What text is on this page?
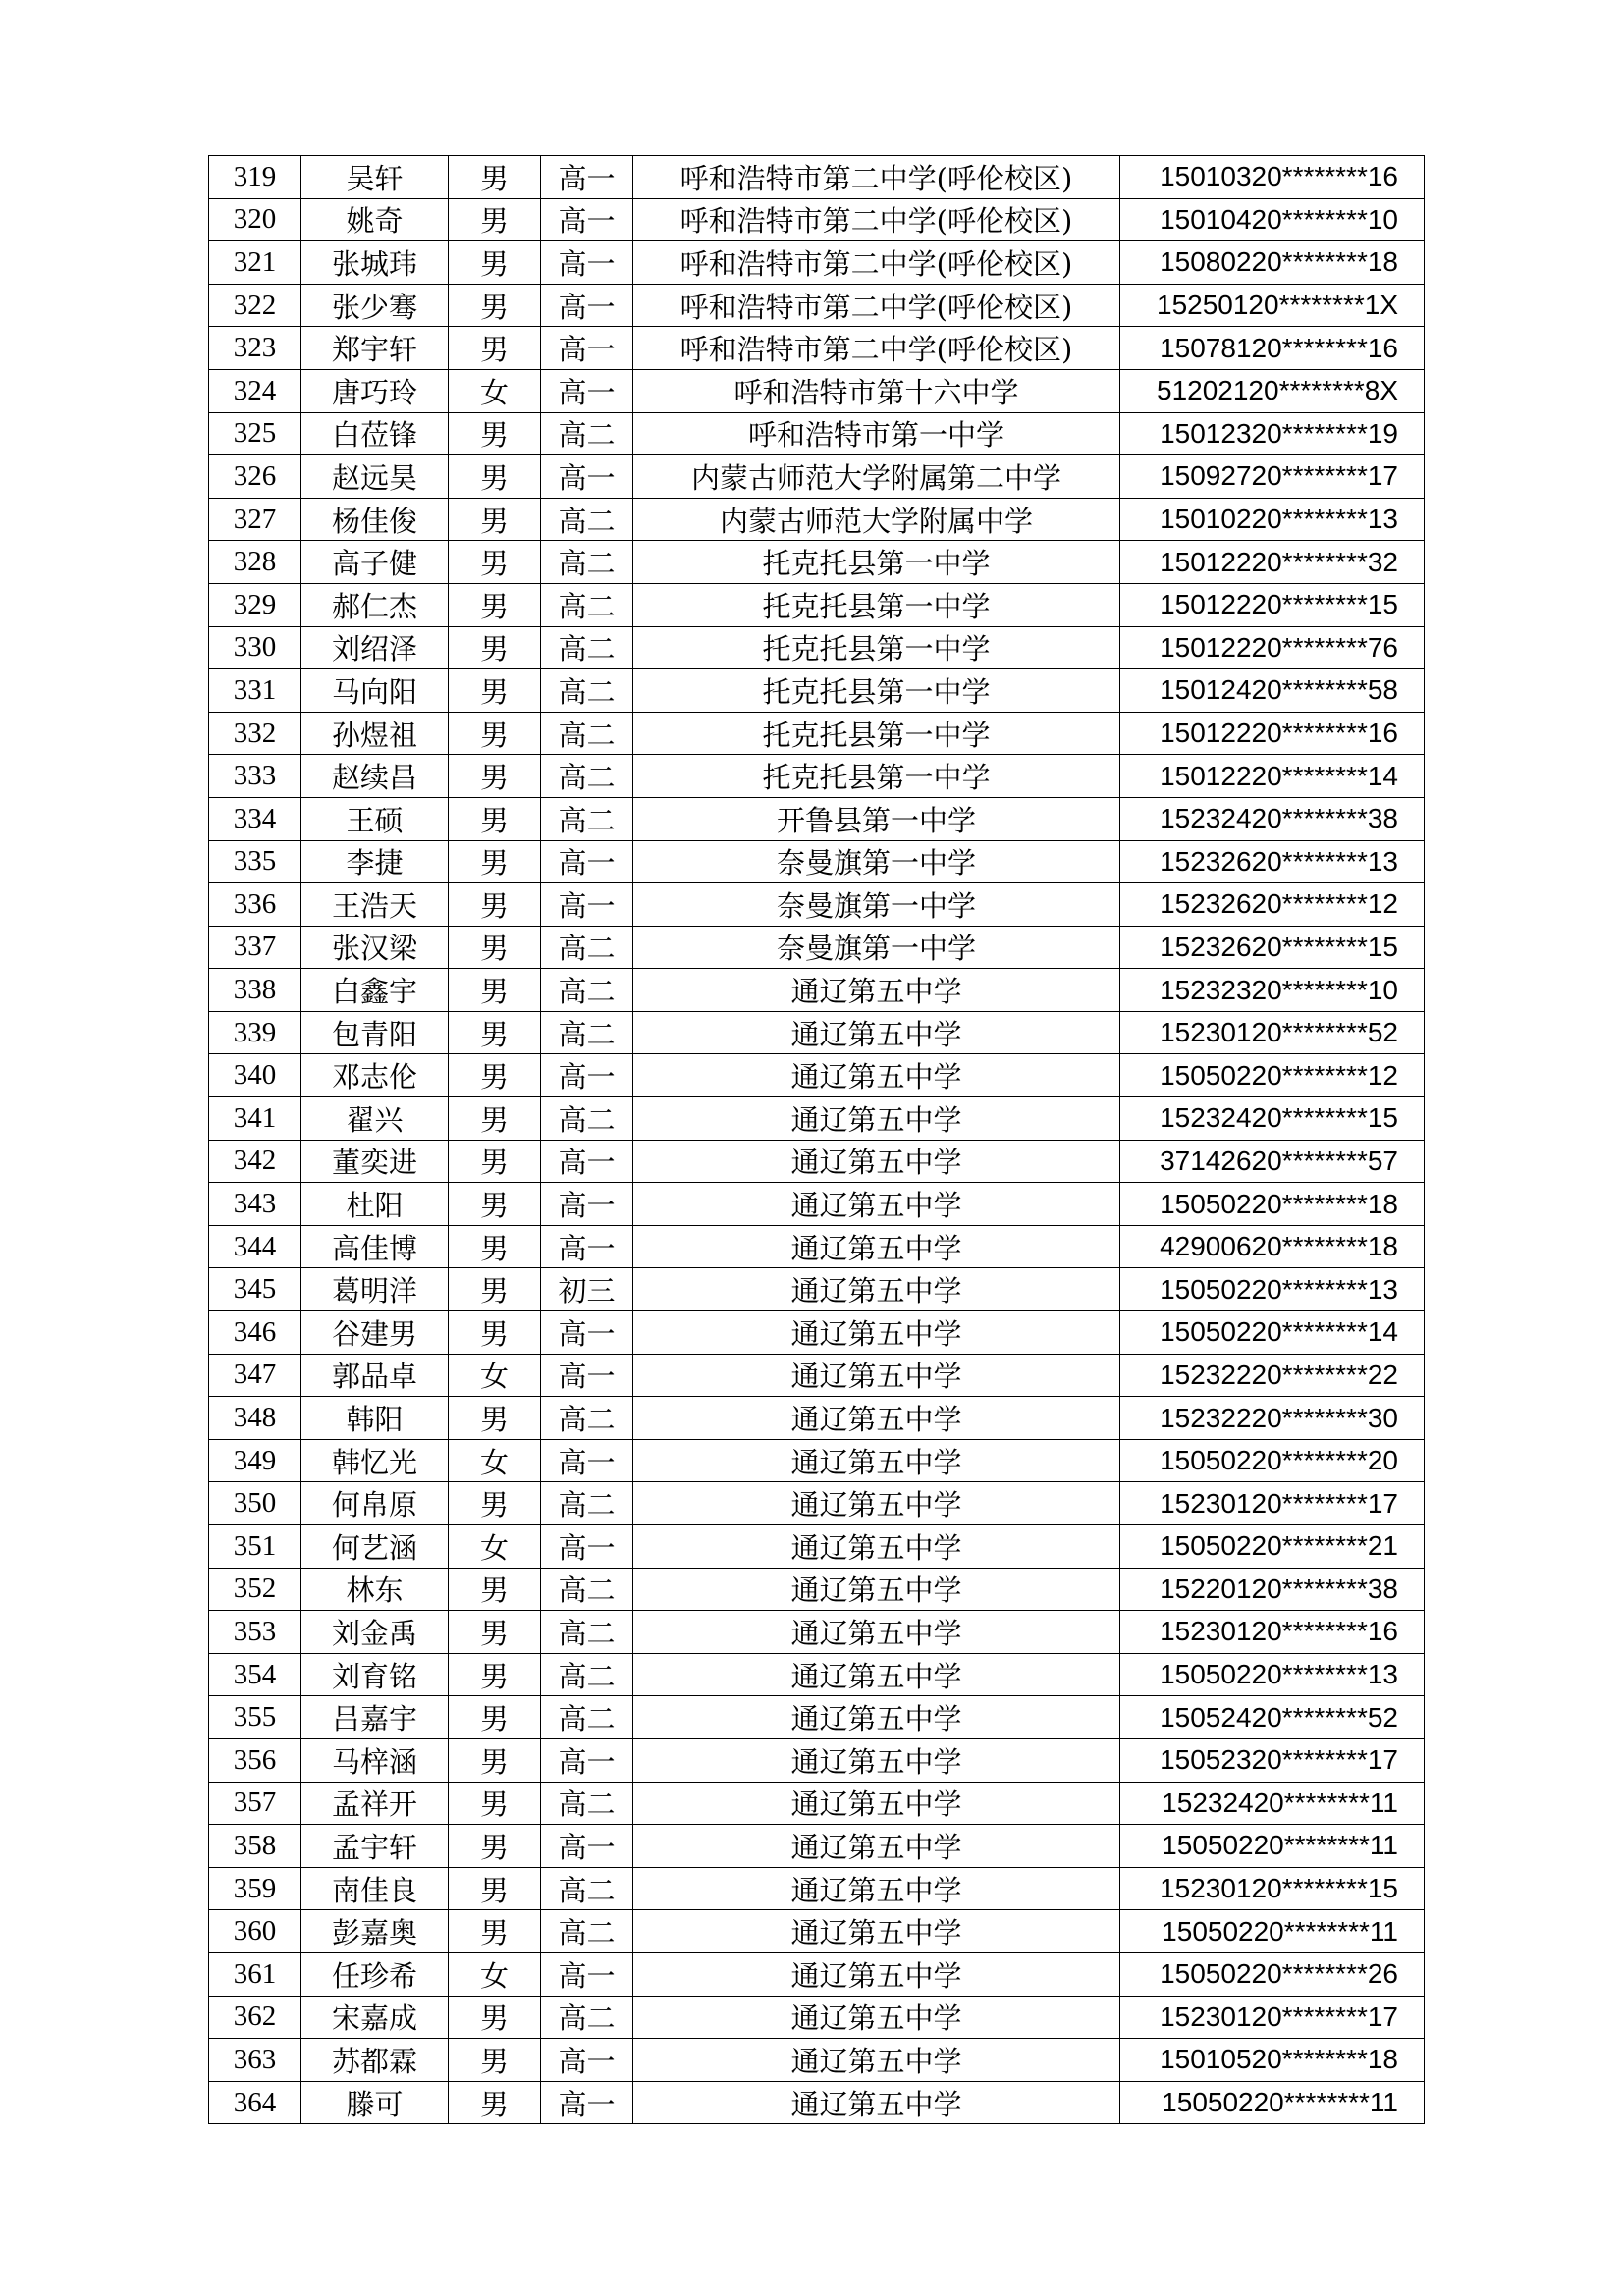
319	吴轩	男	高一	呼和浩特市第二中学(呼伦校区)	15010320********16
320	姚奇	男	高一	呼和浩特市第二中学(呼伦校区)	15010420********10
321	张城玮	男	高一	呼和浩特市第二中学(呼伦校区)	15080220********18
322	张少骞	男	高一	呼和浩特市第二中学(呼伦校区)	15250120********1X
323	郑宇轩	男	高一	呼和浩特市第二中学(呼伦校区)	15078120********16
324	唐巧玲	女	高一	呼和浩特市第十六中学	51202120********8X
325	白莅锋	男	高二	呼和浩特市第一中学	15012320********19
326	赵远昊	男	高一	内蒙古师范大学附属第二中学	15092720********17
327	杨佳俊	男	高二	内蒙古师范大学附属中学	15010220********13
328	高子健	男	高二	托克托县第一中学	15012220********32
329	郝仁杰	男	高二	托克托县第一中学	15012220********15
330	刘绍泽	男	高二	托克托县第一中学	15012220********76
331	马向阳	男	高二	托克托县第一中学	15012420********58
332	孙煜祖	男	高二	托克托县第一中学	15012220********16
333	赵续昌	男	高二	托克托县第一中学	15012220********14
334	王硕	男	高二	开鲁县第一中学	15232420********38
335	李捷	男	高一	奈曼旗第一中学	15232620********13
336	王浩天	男	高一	奈曼旗第一中学	15232620********12
337	张汉梁	男	高二	奈曼旗第一中学	15232620********15
338	白鑫宇	男	高二	通辽第五中学	15232320********10
339	包青阳	男	高二	通辽第五中学	15230120********52
340	邓志伦	男	高一	通辽第五中学	15050220********12
341	翟兴	男	高二	通辽第五中学	15232420********15
342	董奕进	男	高一	通辽第五中学	37142620********57
343	杜阳	男	高一	通辽第五中学	15050220********18
344	高佳博	男	高一	通辽第五中学	42900620********18
345	葛明洋	男	初三	通辽第五中学	15050220********13
346	谷建男	男	高一	通辽第五中学	15050220********14
347	郭品卓	女	高一	通辽第五中学	15232220********22
348	韩阳	男	高二	通辽第五中学	15232220********30
349	韩忆光	女	高一	通辽第五中学	15050220********20
350	何帛原	男	高二	通辽第五中学	15230120********17
351	何艺涵	女	高一	通辽第五中学	15050220********21
352	林东	男	高二	通辽第五中学	15220120********38
353	刘金禹	男	高二	通辽第五中学	15230120********16
354	刘育铭	男	高二	通辽第五中学	15050220********13
355	吕嘉宇	男	高二	通辽第五中学	15052420********52
356	马梓涵	男	高一	通辽第五中学	15052320********17
357	孟祥开	男	高二	通辽第五中学	15232420********11
358	孟宇轩	男	高一	通辽第五中学	15050220********11
359	南佳良	男	高二	通辽第五中学	15230120********15
360	彭嘉奥	男	高二	通辽第五中学	15050220********11
361	任珍希	女	高一	通辽第五中学	15050220********26
362	宋嘉成	男	高二	通辽第五中学	15230120********17
363	苏都霖	男	高一	通辽第五中学	15010520********18
364	滕可	男	高一	通辽第五中学	15050220********11
